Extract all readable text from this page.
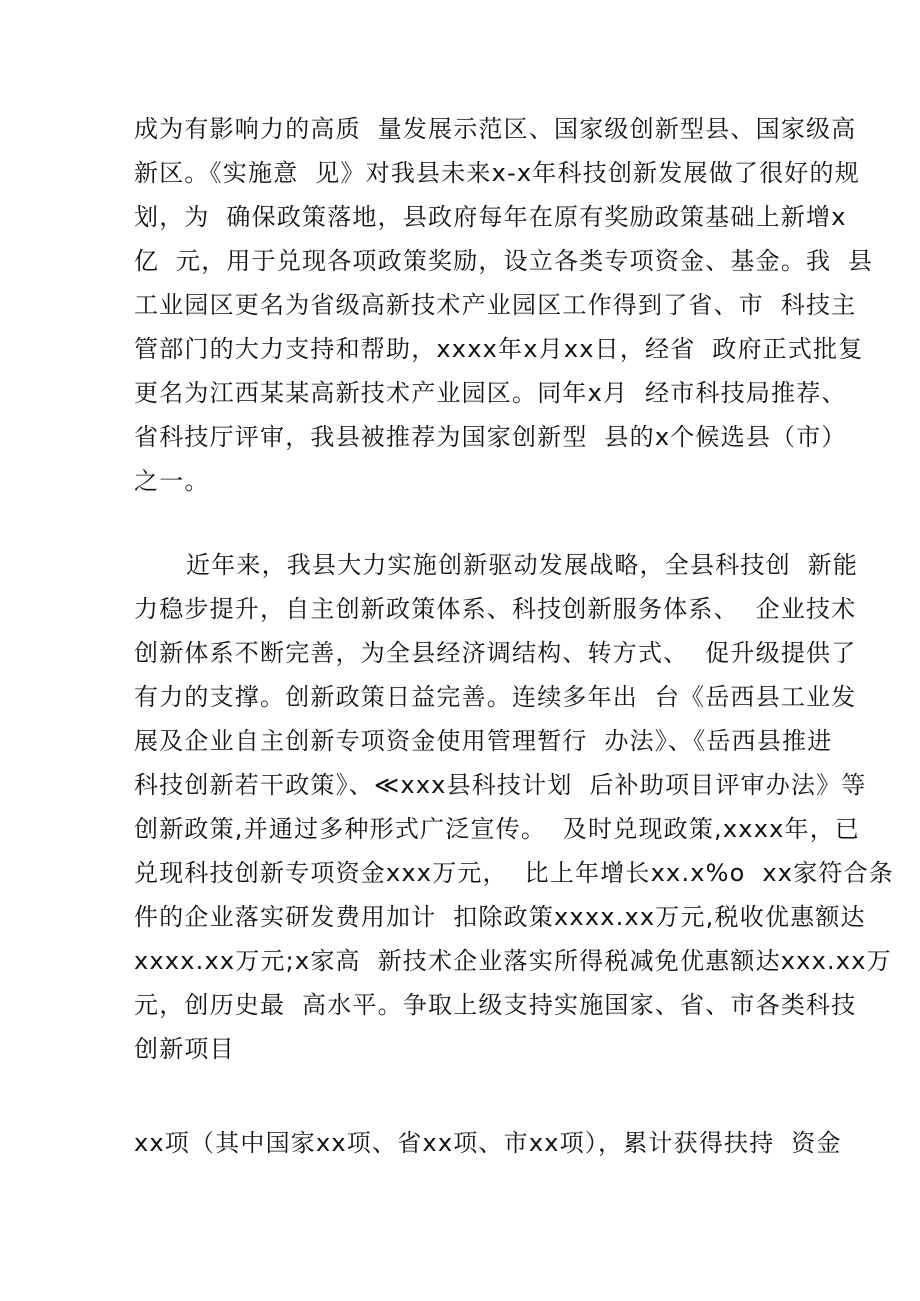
成为有影响力的高质 量发展示范区、国家级创新型县、国家级高
新区。《实施意 见》对我县未来x-x年科技创新发展做了很好的规
划，为 确保政策落地，县政府每年在原有奖励政策基础上新增x
亿 元，用于兑现各项政策奖励，设立各类专项资金、基金。我 县
工业园区更名为省级高新技术产业园区工作得到了省、市 科技主
管部门的大力支持和帮助，xxxx年x月xx日，经省 政府正式批复
更名为江西某某高新技术产业园区。同年x月 经市科技局推荐、
省科技厅评审，我县被推荐为国家创新型 县的x个候选县（市）
之一。
近年来，我县大力实施创新驱动发展战略，全县科技创 新能
力稳步提升，自主创新政策体系、科技创新服务体系、 企业技术
创新体系不断完善，为全县经济调结构、转方式、 促升级提供了
有力的支撑。创新政策日益完善。连续多年出 台《岳西县工业发
展及企业自主创新专项资金使用管理暂行 办法》、《岳西县推进
科技创新若干政策》、≪xxx县科技计划 后补助项目评审办法》等
创新政策,并通过多种形式广泛宣传。 及时兑现政策,xxxx年，已
兑现科技创新专项资金xxx万元， 比上年增长xx.x%o xx家符合条
件的企业落实研发费用加计 扣除政策xxxx.xx万元,税收优惠额达
xxxx.xx万元;x家高 新技术企业落实所得税减免优惠额达xxx.xx万
元，创历史最 高水平。争取上级支持实施国家、省、市各类科技
创新项目
xx项（其中国家xx项、省xx项、市xx项），累计获得扶持 资金
